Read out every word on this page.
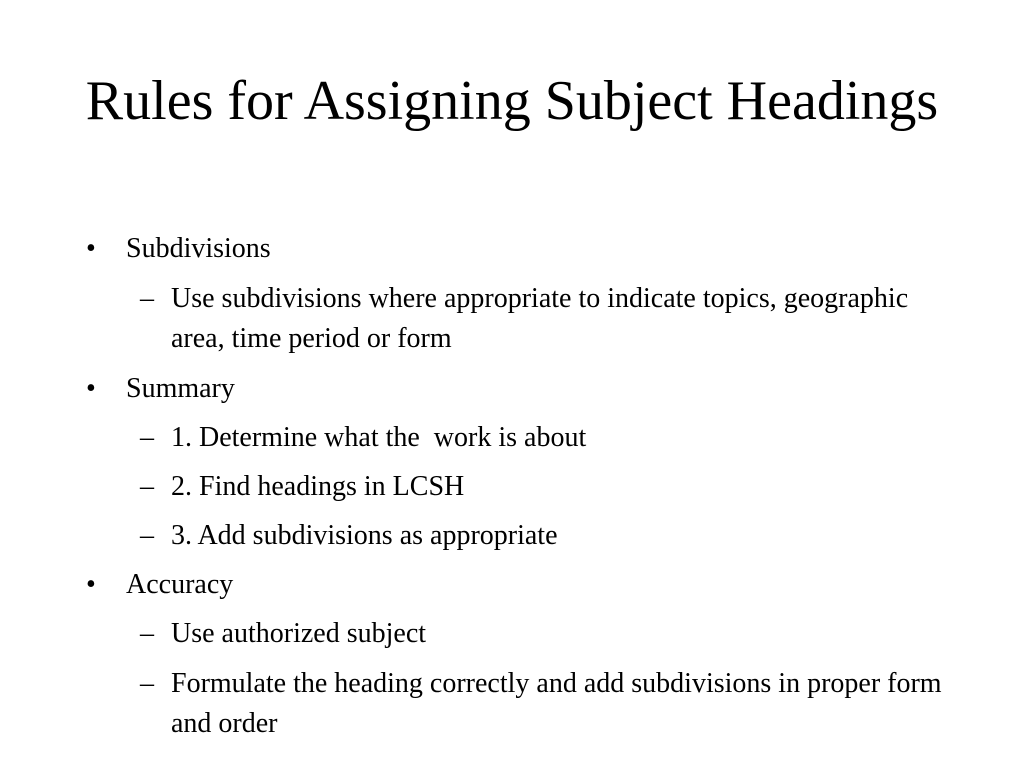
Rules for Assigning Subject Headings
•	Subdivisions
– Use subdivisions where appropriate to indicate topics, geographic area, time period or form
•	Summary
– 1. Determine what the  work is about
– 2. Find headings in LCSH
– 3. Add subdivisions as appropriate
•	Accuracy
– Use authorized subject
– Formulate the heading correctly and add subdivisions in proper form and order
